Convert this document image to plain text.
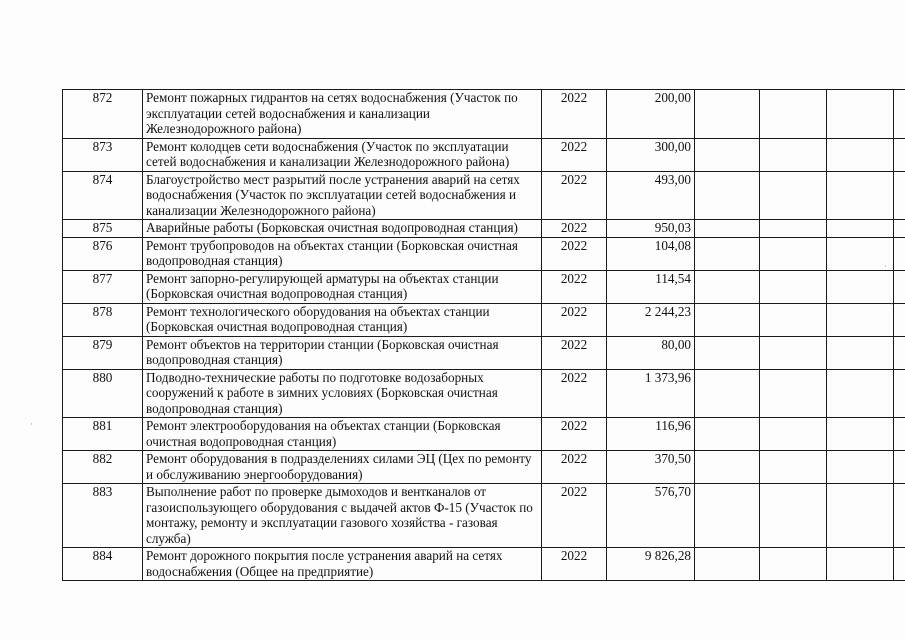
872	Ремонт пожарных гидрантов на сетях водоснабжения (Участок по эксплуатации сетей водоснабжения и канализации Железнодорожного района)	2022	200,00				
873	Ремонт колодцев сети водоснабжения (Участок по эксплуатации сетей водоснабжения и канализации Железнодорожного района)	2022	300,00				
874	Благоустройство мест разрытий после устранения аварий на сетях водоснабжения (Участок по эксплуатации сетей водоснабжения и канализации Железнодорожного района)	2022	493,00				
875	Аварийные работы (Борковская очистная водопроводная станция)	2022	950,03				
876	Ремонт трубопроводов на объектах станции (Борковская очистная водопроводная станция)	2022	104,08				
877	Ремонт запорно-регулирующей арматуры на объектах станции (Борковская очистная водопроводная станция)	2022	114,54				
878	Ремонт технологического оборудования на объектах станции (Борковская очистная водопроводная станция)	2022	2 244,23				
879	Ремонт объектов на территории станции (Борковская очистная водопроводная станция)	2022	80,00				
880	Подводно-технические работы по подготовке водозаборных сооружений к работе в зимних условиях (Борковская очистная водопроводная станция)	2022	1 373,96				
881	Ремонт электрооборудования на объектах станции (Борковская очистная водопроводная станция)	2022	116,96				
882	Ремонт оборудования в подразделениях силами ЭЦ (Цех по ремонту и обслуживанию энергооборудования)	2022	370,50				
883	Выполнение работ по проверке дымоходов и вентканалов от газоиспользующего оборудования с выдачей актов Ф-15 (Участок по монтажу, ремонту и эксплуатации газового хозяйства - газовая служба)	2022	576,70				
884	Ремонт дорожного покрытия после устранения аварий на сетях водоснабжения (Общее на предприятие)	2022	9 826,28				
·
·
·
